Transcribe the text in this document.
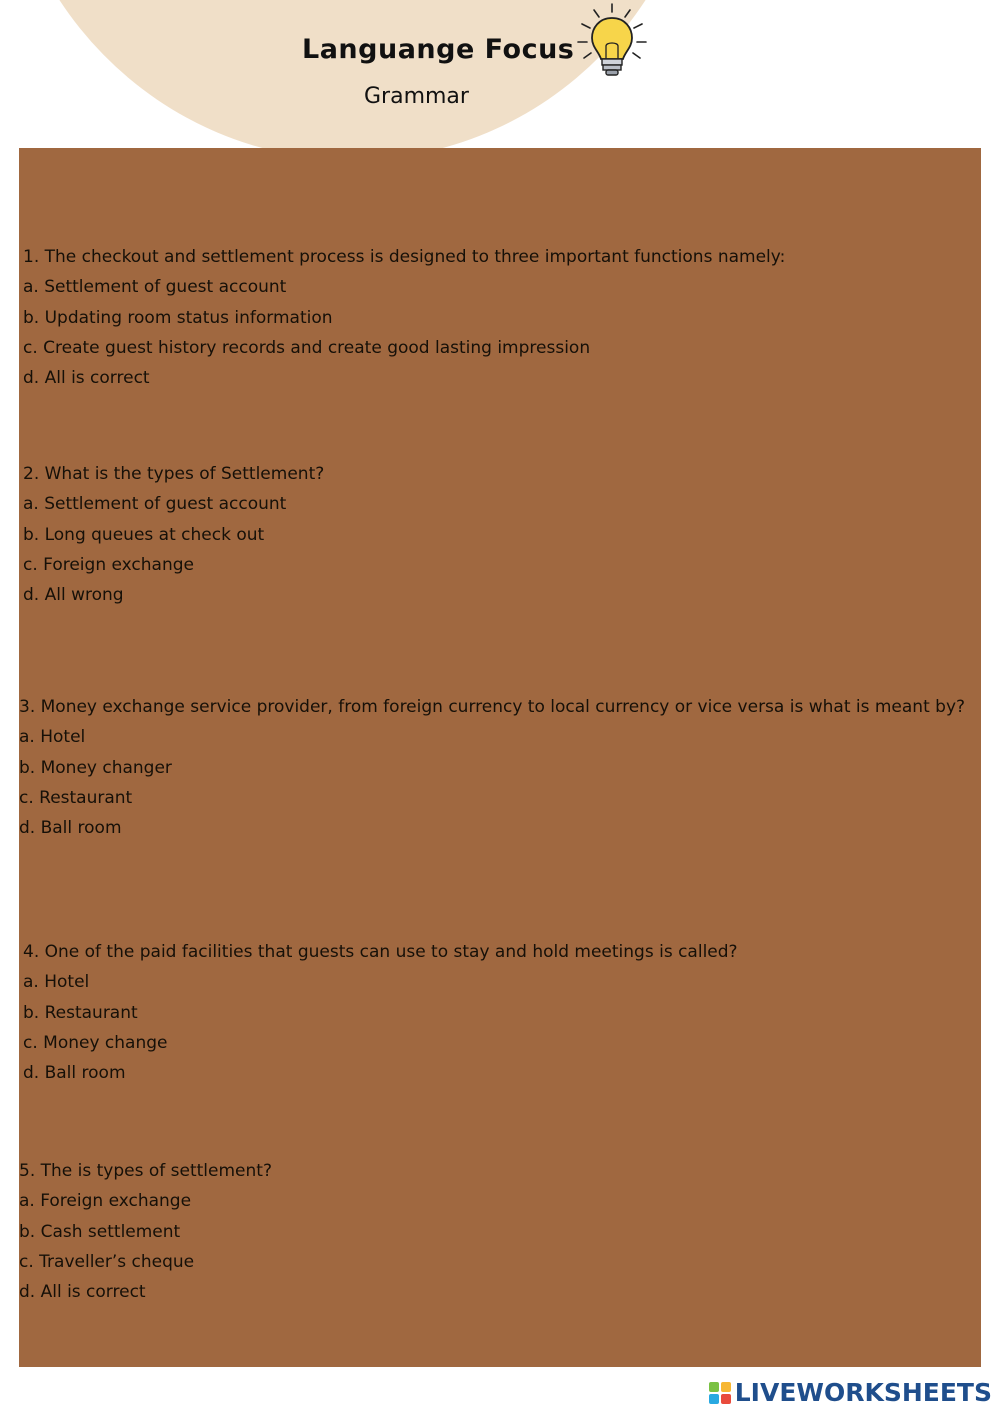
Languange Focus
Grammar
1. The checkout and settlement process is designed to three important functions namely:
a. Settlement of guest account
b. Updating room status information
c. Create guest history records and create good lasting impression
d. All is correct
2. What is the types of Settlement?
a. Settlement of guest account
b. Long queues at check out
c. Foreign exchange
d. All wrong
3. Money exchange service provider, from foreign currency to local currency or vice versa is what is meant by?
a. Hotel
b. Money changer
c. Restaurant
d. Ball room
4. One of the paid facilities that guests can use to stay and hold meetings is called?
a. Hotel
b. Restaurant
c. Money change
d. Ball room
5. The is types of settlement?
a. Foreign exchange
b. Cash settlement
c. Traveller’s cheque
d. All is correct
LIVEWORKSHEETS
